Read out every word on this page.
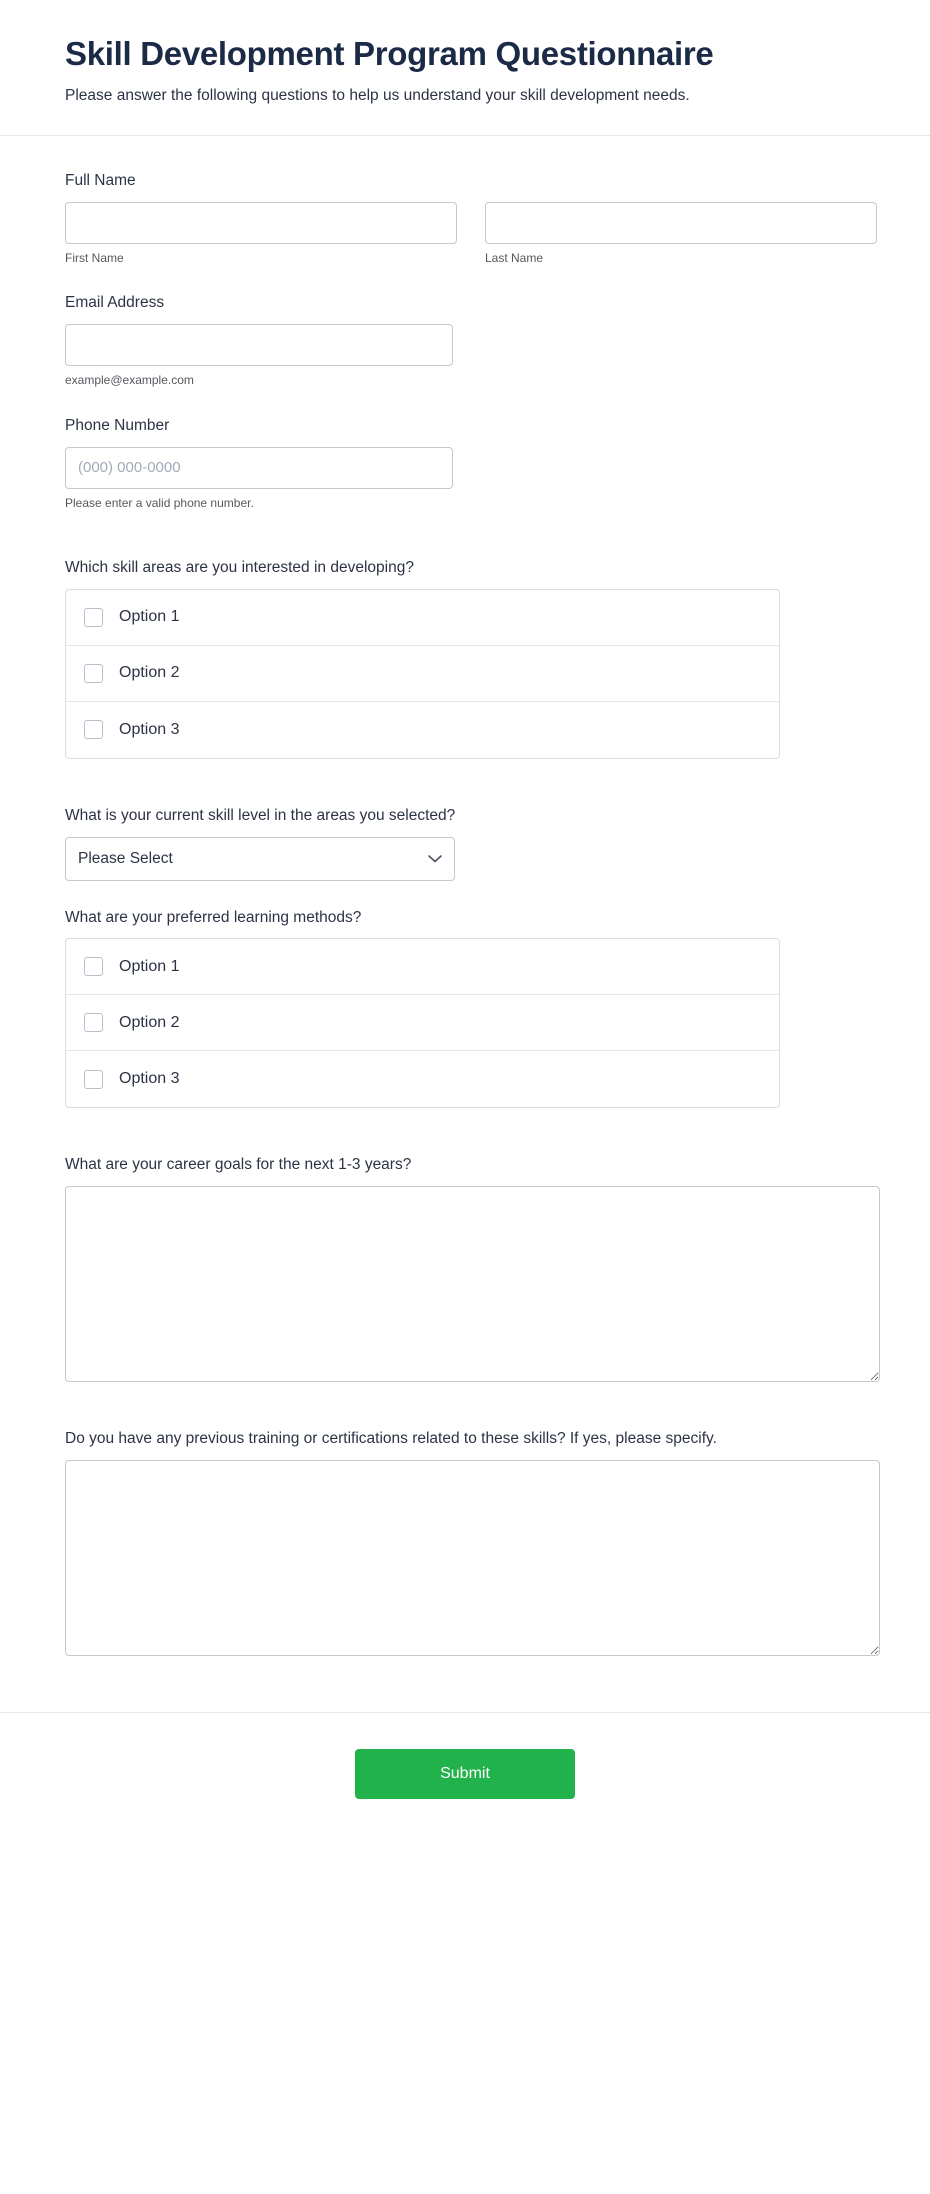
Skill Development Program Questionnaire

Please answer the following questions to help us understand your skill development needs.

Full Name
First Name	Last Name
Email Address
example@example.com
Phone Number
(000) 000-0000
Please enter a valid phone number.
Which skill areas are you interested in developing?
Option 1
Option 2
Option 3
What is your current skill level in the areas you selected?
Please Select
What are your preferred learning methods?
Option 1
Option 2
Option 3
What are your career goals for the next 1-3 years?
Do you have any previous training or certifications related to these skills? If yes, please specify.
Submit
